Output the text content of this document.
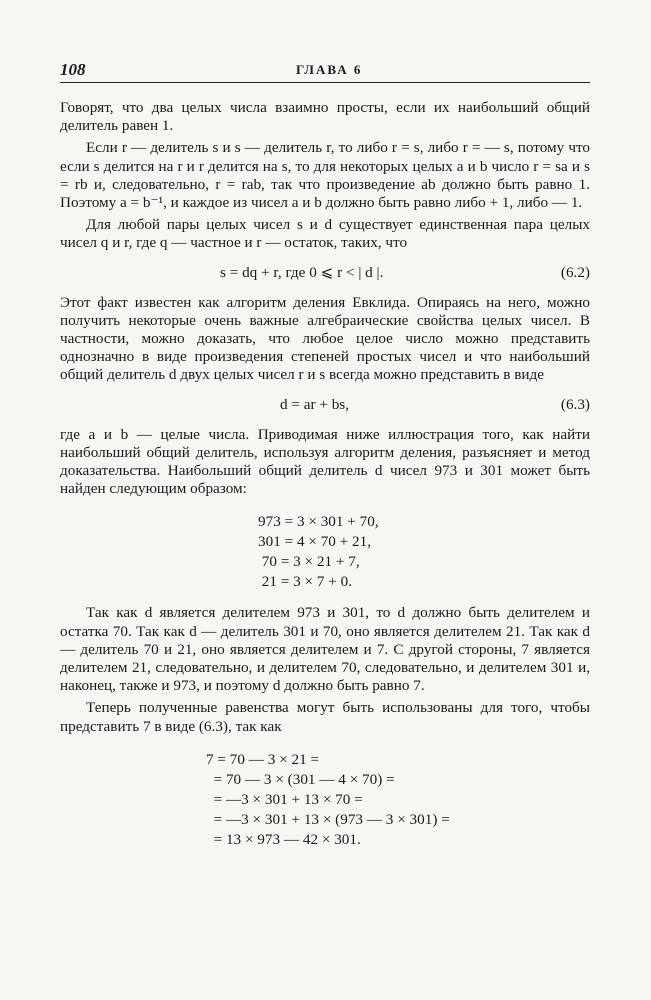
108	ГЛАВА 6

Говорят, что два целых числа взаимно просты, если их наибольший общий делитель равен 1.

Если r — делитель s и s — делитель r, то либо r = s, либо r = — s, потому что если s делится на r и r делится на s, то для некоторых целых a и b число r = sa и s = rb и, следовательно, r = rab, так что произведение ab должно быть равно 1. Поэтому a = b⁻¹, и каждое из чисел a и b должно быть равно либо + 1, либо — 1.

Для любой пары целых чисел s и d существует единственная пара целых чисел q и r, где q — частное и r — остаток, таких, что

s = dq + r, где 0 ⩽ r < | d |.	(6.2)

Этот факт известен как алгоритм деления Евклида. Опираясь на него, можно получить некоторые очень важные алгебраические свойства целых чисел. В частности, можно доказать, что любое целое число можно представить однозначно в виде произведения степеней простых чисел и что наибольший общий делитель d двух целых чисел r и s всегда можно представить в виде

d = ar + bs,	(6.3)

где a и b — целые числа. Приводимая ниже иллюстрация того, как найти наибольший общий делитель, используя алгоритм деления, разъясняет и метод доказательства. Наибольший общий делитель d чисел 973 и 301 может быть найден следующим образом:

973 = 3 × 301 + 70,
301 = 4 × 70 + 21,
70 = 3 × 21 + 7,
21 = 3 × 7 + 0.

Так как d является делителем 973 и 301, то d должно быть делителем и остатка 70. Так как d — делитель 301 и 70, оно является делителем 21. Так как d — делитель 70 и 21, оно является делителем и 7. С другой стороны, 7 является делителем 21, следовательно, и делителем 70, следовательно, и делителем 301 и, наконец, также и 973, и поэтому d должно быть равно 7.

Теперь полученные равенства могут быть использованы для того, чтобы представить 7 в виде (6.3), так как

7 = 70 — 3 × 21 =
= 70 — 3 × (301 — 4 × 70) =
= —3 × 301 + 13 × 70 =
= —3 × 301 + 13 × (973 — 3 × 301) =
= 13 × 973 — 42 × 301.
